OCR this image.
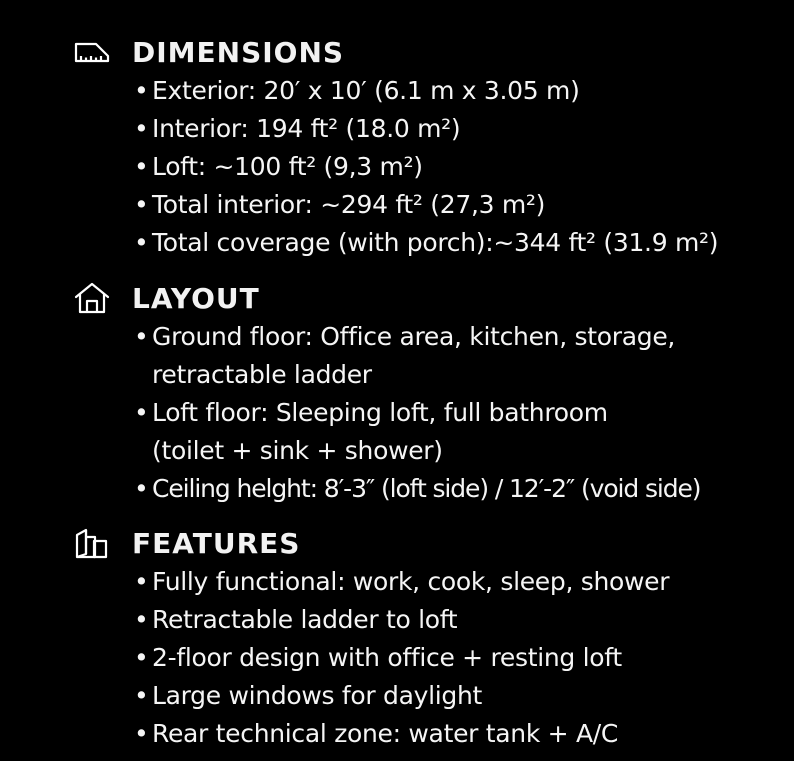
DIMENSIONS
• Exterior: 20′ x 10′ (6.1 m x 3.05 m)
• Interior: 194 ft² (18.0 m²)
• Loft: ~100 ft² (9,3 m²)
• Total interior: ~294 ft² (27,3 m²)
• Total coverage (with porch):~344 ft² (31.9 m²)
LAYOUT
• Ground floor: Office area, kitchen, storage,
retractable ladder
• Loft floor: Sleeping loft, full bathroom
(toilet + sink + shower)
• Ceiling helght: 8′-3″ (loft side) / 12′-2″ (void side)
FEATURES
• Fully functional: work, cook, sleep, shower
• Retractable ladder to loft
• 2-floor design with office + resting loft
• Large windows for daylight
• Rear technical zone: water tank + A/C
